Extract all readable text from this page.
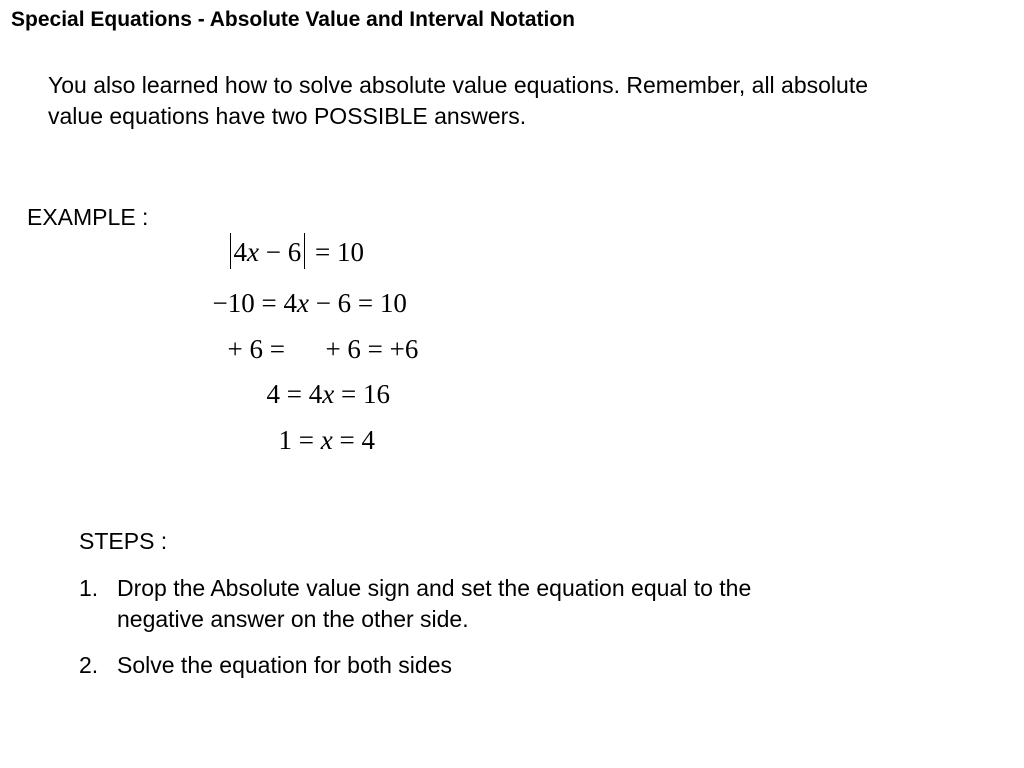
Special Equations - Absolute Value and Interval Notation
You also learned how to solve absolute value equations. Remember, all absolute
value equations have two POSSIBLE answers.
EXAMPLE :

4x − 6 = 10

−10 = 4x − 6 = 10

+ 6 =      + 6 = +6

4 = 4x = 16

1 = x = 4

STEPS :
1. Drop the Absolute value sign and set the equation equal to the
negative answer on the other side.
2. Solve the equation for both sides
